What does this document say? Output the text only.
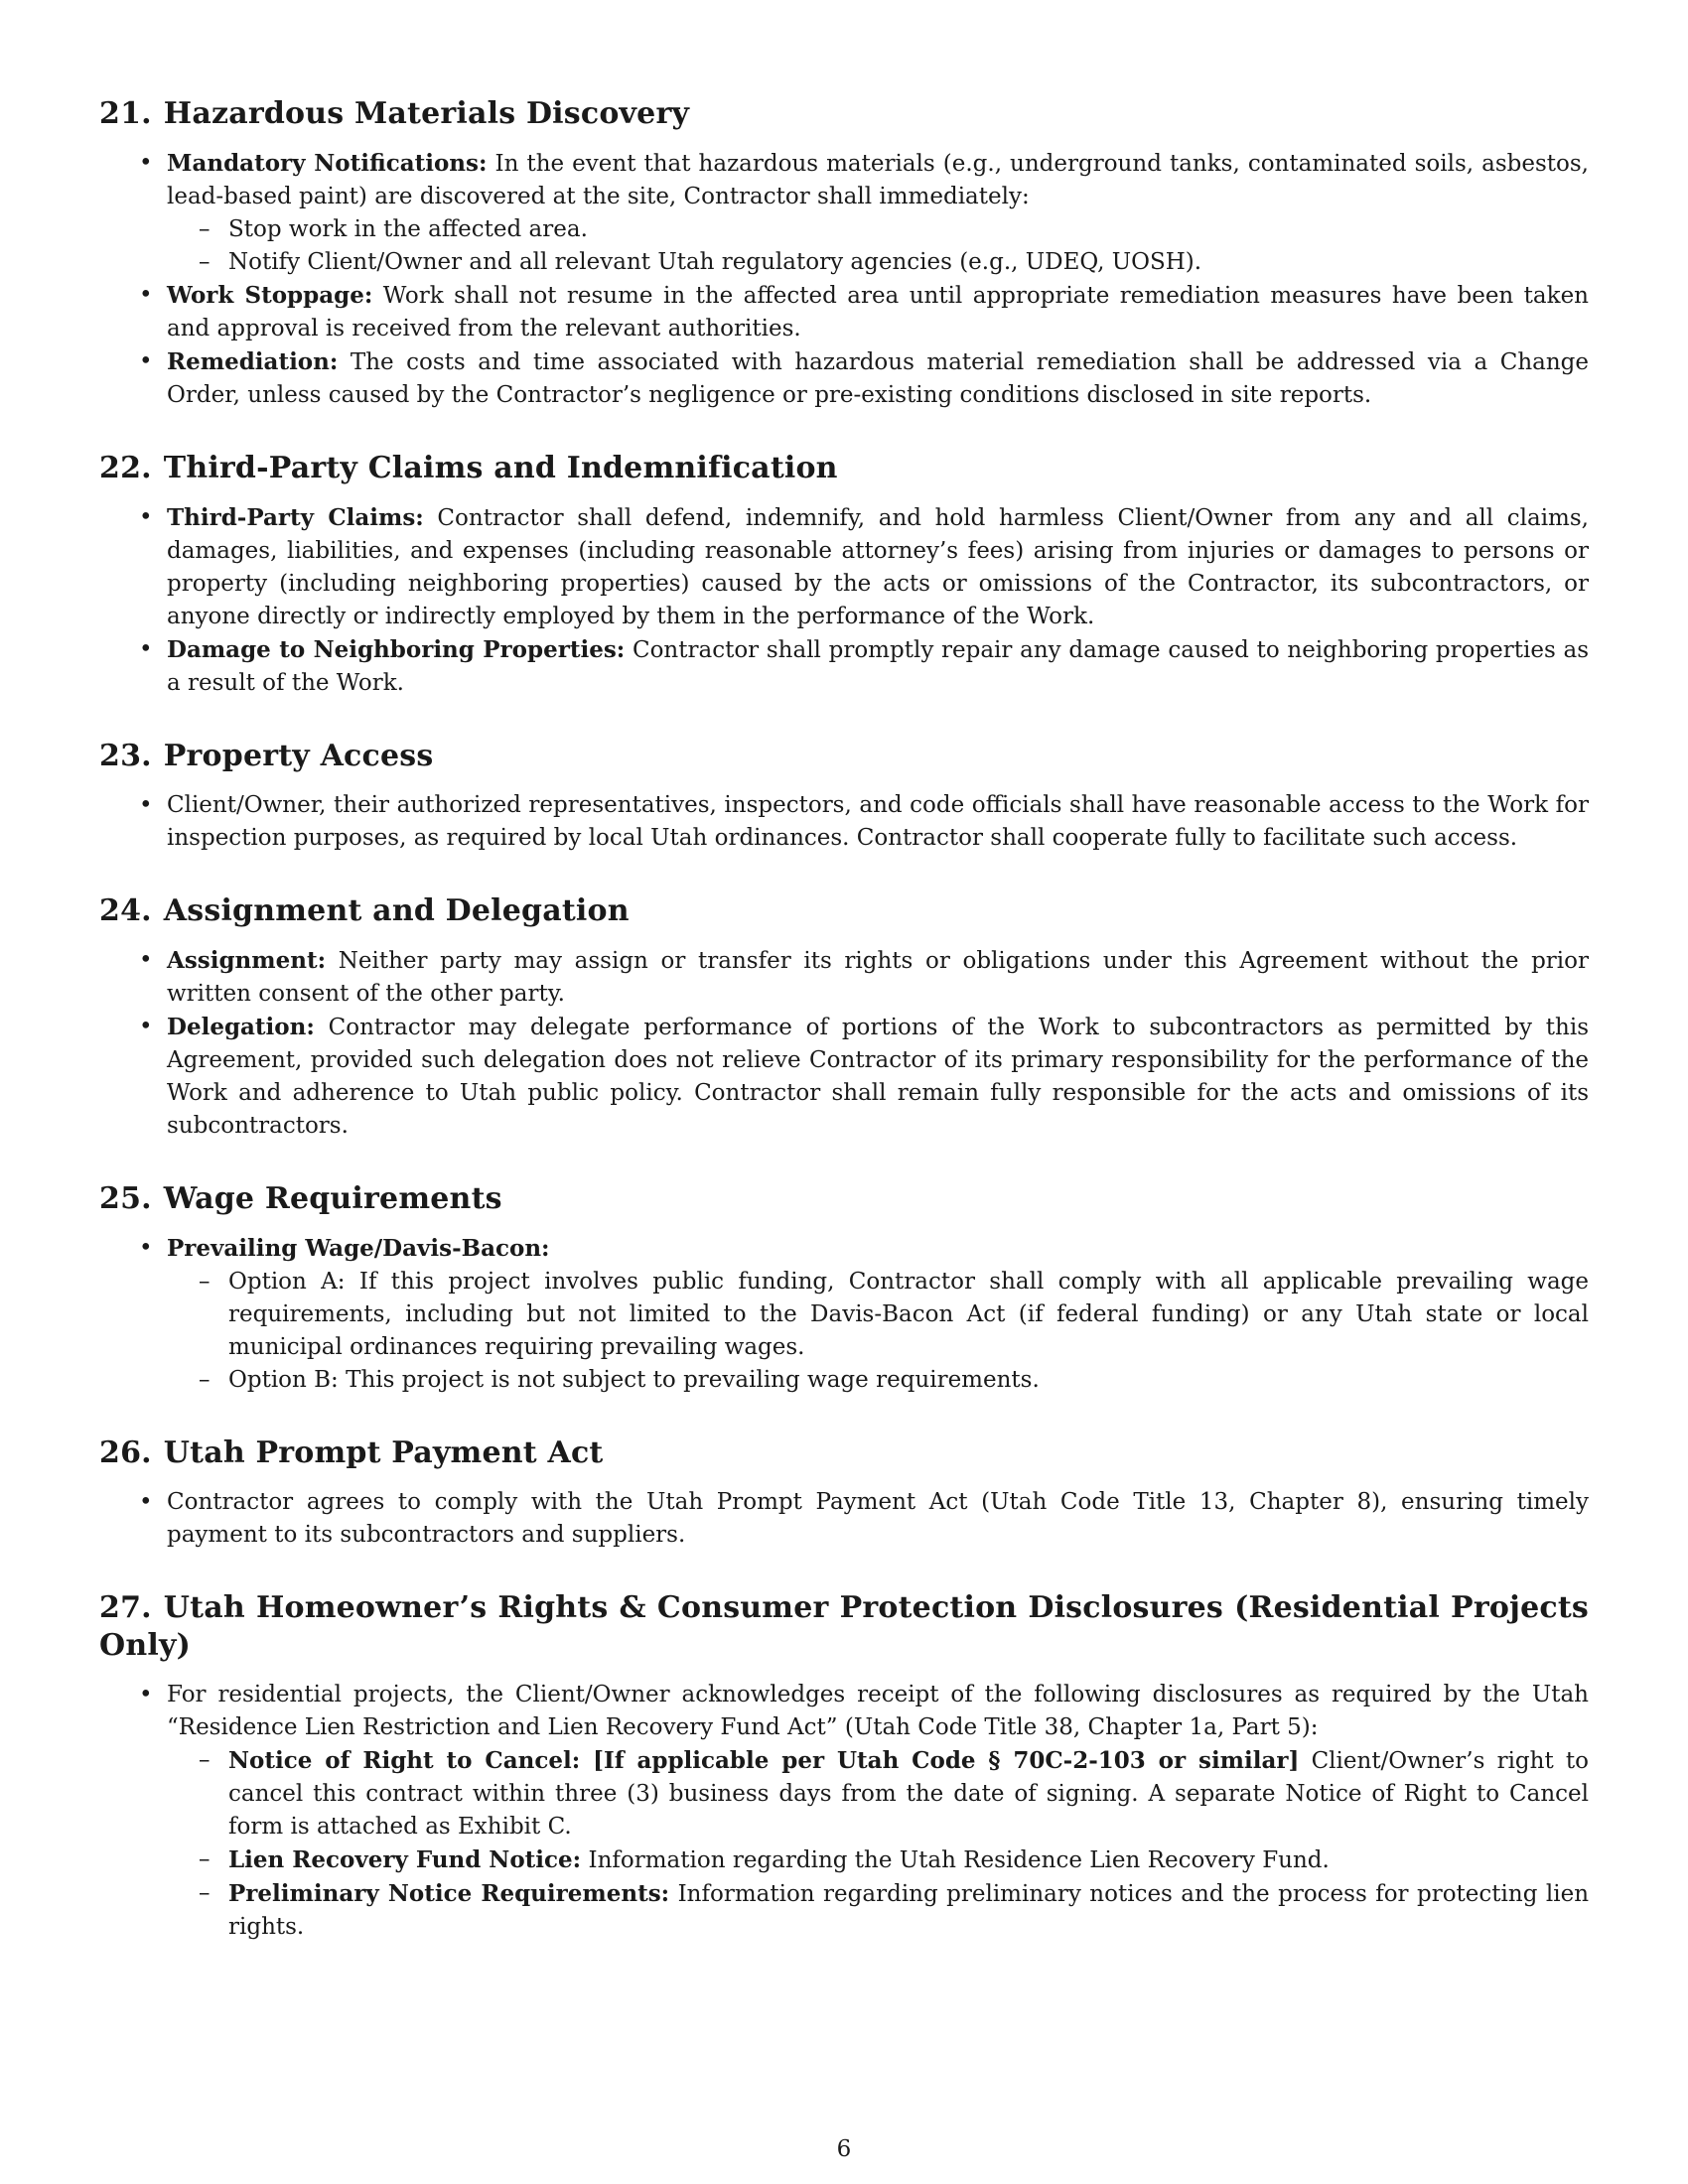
21. Hazardous Materials Discovery
• Mandatory Notifications: In the event that hazardous materials (e.g., underground tanks, contaminated soils, asbestos, lead-based paint) are discovered at the site, Contractor shall immediately:
– Stop work in the affected area.
– Notify Client/Owner and all relevant Utah regulatory agencies (e.g., UDEQ, UOSH).
• Work Stoppage: Work shall not resume in the affected area until appropriate remediation measures have been taken and approval is received from the relevant authorities.
• Remediation: The costs and time associated with hazardous material remediation shall be addressed via a Change Order, unless caused by the Contractor’s negligence or pre-existing conditions disclosed in site reports.
22. Third-Party Claims and Indemnification
• Third-Party Claims: Contractor shall defend, indemnify, and hold harmless Client/Owner from any and all claims, damages, liabilities, and expenses (including reasonable attorney’s fees) arising from injuries or damages to persons or property (including neighboring properties) caused by the acts or omissions of the Contractor, its subcontractors, or anyone directly or indirectly employed by them in the performance of the Work.
• Damage to Neighboring Properties: Contractor shall promptly repair any damage caused to neighboring properties as a result of the Work.
23. Property Access
• Client/Owner, their authorized representatives, inspectors, and code officials shall have reasonable access to the Work for inspection purposes, as required by local Utah ordinances. Contractor shall cooperate fully to facilitate such access.
24. Assignment and Delegation
• Assignment: Neither party may assign or transfer its rights or obligations under this Agreement without the prior written consent of the other party.
• Delegation: Contractor may delegate performance of portions of the Work to subcontractors as permitted by this Agreement, provided such delegation does not relieve Contractor of its primary responsibility for the performance of the Work and adherence to Utah public policy. Contractor shall remain fully responsible for the acts and omissions of its subcontractors.
25. Wage Requirements
• Prevailing Wage/Davis-Bacon:
– Option A: If this project involves public funding, Contractor shall comply with all applicable prevailing wage requirements, including but not limited to the Davis-Bacon Act (if federal funding) or any Utah state or local municipal ordinances requiring prevailing wages.
– Option B: This project is not subject to prevailing wage requirements.
26. Utah Prompt Payment Act
• Contractor agrees to comply with the Utah Prompt Payment Act (Utah Code Title 13, Chapter 8), ensuring timely payment to its subcontractors and suppliers.
27. Utah Homeowner’s Rights & Consumer Protection Disclosures (Residential Projects Only)
• For residential projects, the Client/Owner acknowledges receipt of the following disclosures as required by the Utah “Residence Lien Restriction and Lien Recovery Fund Act” (Utah Code Title 38, Chapter 1a, Part 5):
– Notice of Right to Cancel: [If applicable per Utah Code § 70C-2-103 or similar] Client/Owner’s right to cancel this contract within three (3) business days from the date of signing. A separate Notice of Right to Cancel form is attached as Exhibit C.
– Lien Recovery Fund Notice: Information regarding the Utah Residence Lien Recovery Fund.
– Preliminary Notice Requirements: Information regarding preliminary notices and the process for protecting lien rights.
6
